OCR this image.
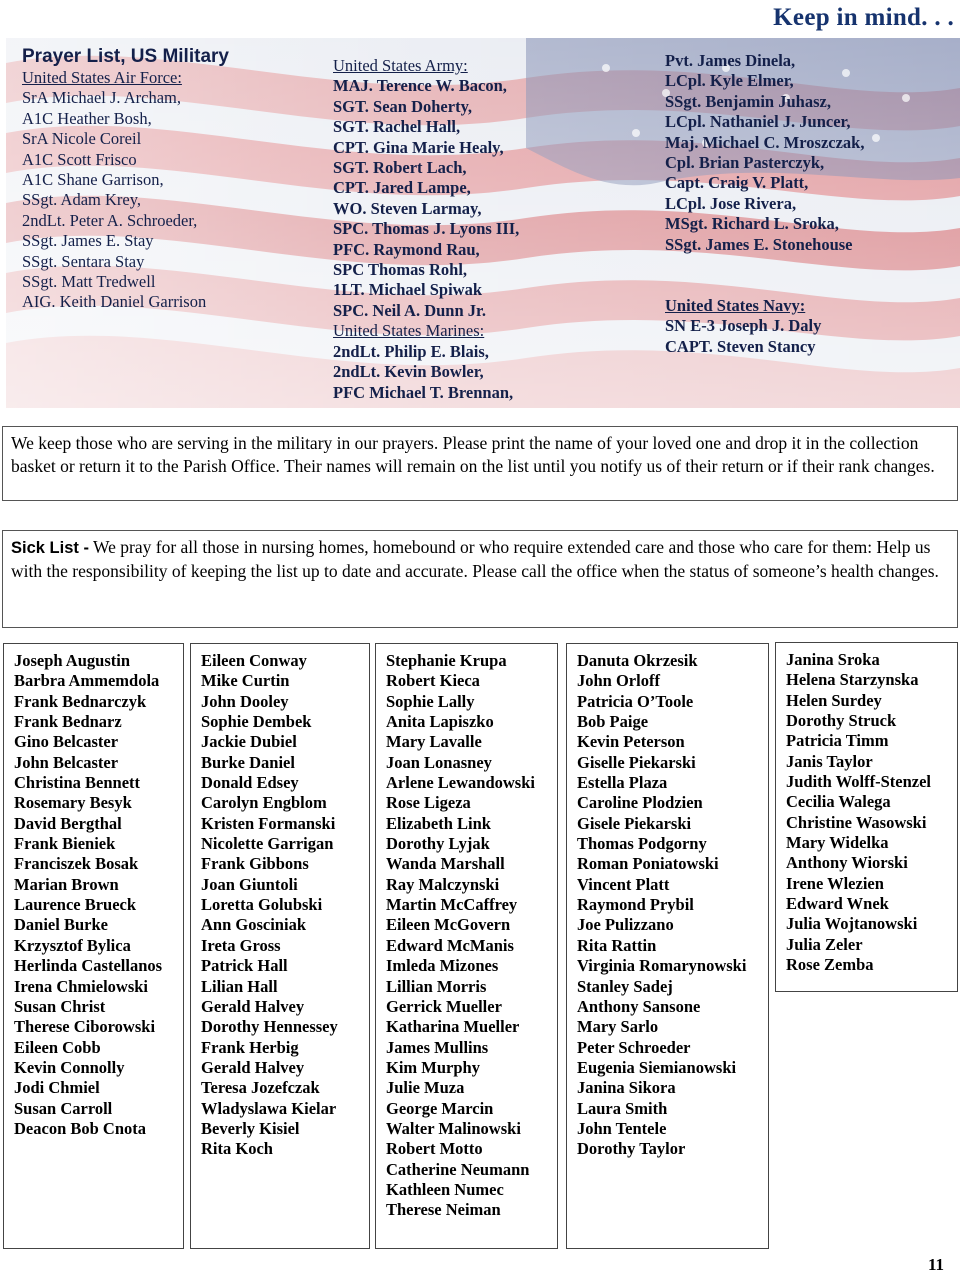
Keep in mind. . .
Prayer List, US Military
United States Air Force:
SrA Michael J. Archam,
A1C Heather Bosh,
SrA Nicole Coreil
A1C Scott Frisco
A1C Shane Garrison,
SSgt. Adam Krey,
2ndLt. Peter A. Schroeder,
SSgt. James E. Stay
SSgt. Sentara Stay
SSgt. Matt Tredwell
AIG. Keith Daniel Garrison
United States Army:
MAJ. Terence W. Bacon,
SGT. Sean Doherty,
SGT. Rachel Hall,
CPT. Gina Marie Healy,
SGT. Robert Lach,
CPT. Jared Lampe,
WO. Steven Larmay,
SPC. Thomas J. Lyons III,
PFC. Raymond Rau,
SPC Thomas Rohl,
1LT. Michael Spiwak
SPC. Neil A. Dunn Jr.
United States Marines:
2ndLt. Philip E. Blais,
2ndLt. Kevin Bowler,
PFC Michael T. Brennan,
Pvt. James Dinela,
LCpl. Kyle Elmer,
SSgt. Benjamin Juhasz,
LCpl. Nathaniel J. Juncer,
Maj. Michael C. Mroszczak,
Cpl. Brian Pasterczyk,
Capt. Craig V. Platt,
LCpl. Jose Rivera,
MSgt. Richard L. Sroka,
SSgt. James E. Stonehouse
United States Navy:
SN E-3 Joseph J. Daly
CAPT. Steven Stancy
We keep those who are serving in the military in our prayers. Please print the name of your loved one and drop it in the collection basket or return it to the Parish Office. Their names will remain on the list until you notify us of their return or if their rank changes.
Sick List - We pray for all those in nursing homes, homebound or who require extended care and those who care for them: Help us with the responsibility of keeping the list up to date and accurate. Please call the office when the status of someone’s health changes.
Joseph Augustin
Barbra Ammemdola
Frank Bednarczyk
Frank Bednarz
Gino Belcaster
John Belcaster
Christina Bennett
Rosemary Besyk
David Bergthal
Frank Bieniek
Franciszek Bosak
Marian Brown
Laurence Brueck
Daniel Burke
Krzysztof Bylica
Herlinda Castellanos
Irena Chmielowski
Susan Christ
Therese Ciborowski
Eileen Cobb
Kevin Connolly
Jodi Chmiel
Susan Carroll
Deacon Bob Cnota
Eileen Conway
Mike Curtin
John Dooley
Sophie Dembek
Jackie Dubiel
Burke Daniel
Donald Edsey
Carolyn Engblom
Kristen Formanski
Nicolette Garrigan
Frank Gibbons
Joan Giuntoli
Loretta Golubski
Ann Gosciniak
Ireta Gross
Patrick Hall
Lilian Hall
Gerald Halvey
Dorothy Hennessey
Frank Herbig
Gerald Halvey
Teresa Jozefczak
Wladyslawa Kielar
Beverly Kisiel
Rita Koch
Stephanie Krupa
Robert Kieca
Sophie Lally
Anita Lapiszko
Mary Lavalle
Joan Lonasney
Arlene Lewandowski
Rose Ligeza
Elizabeth Link
Dorothy Lyjak
Wanda Marshall
Ray Malczynski
Martin McCaffrey
Eileen McGovern
Edward McManis
Imleda Mizones
Lillian Morris
Gerrick Mueller
Katharina Mueller
James Mullins
Kim Murphy
Julie Muza
George Marcin
Walter Malinowski
Robert Motto
Catherine Neumann
Kathleen Numec
Therese Neiman
Danuta Okrzesik
John Orloff
Patricia O’Toole
Bob Paige
Kevin Peterson
Giselle Piekarski
Estella Plaza
Caroline Plodzien
Gisele Piekarski
Thomas Podgorny
Roman Poniatowski
Vincent Platt
Raymond Prybil
Joe Pulizzano
Rita Rattin
Virginia Romarynowski
Stanley Sadej
Anthony Sansone
Mary Sarlo
Peter Schroeder
Eugenia Siemianowski
Janina Sikora
Laura Smith
John Tentele
Dorothy Taylor
Janina Sroka
Helena Starzynska
Helen Surdey
Dorothy Struck
Patricia Timm
Janis Taylor
Judith Wolff-Stenzel
Cecilia Walega
Christine Wasowski
Mary Widelka
Anthony Wiorski
Irene Wlezien
Edward Wnek
Julia Wojtanowski
Julia Zeler
Rose Zemba
11
